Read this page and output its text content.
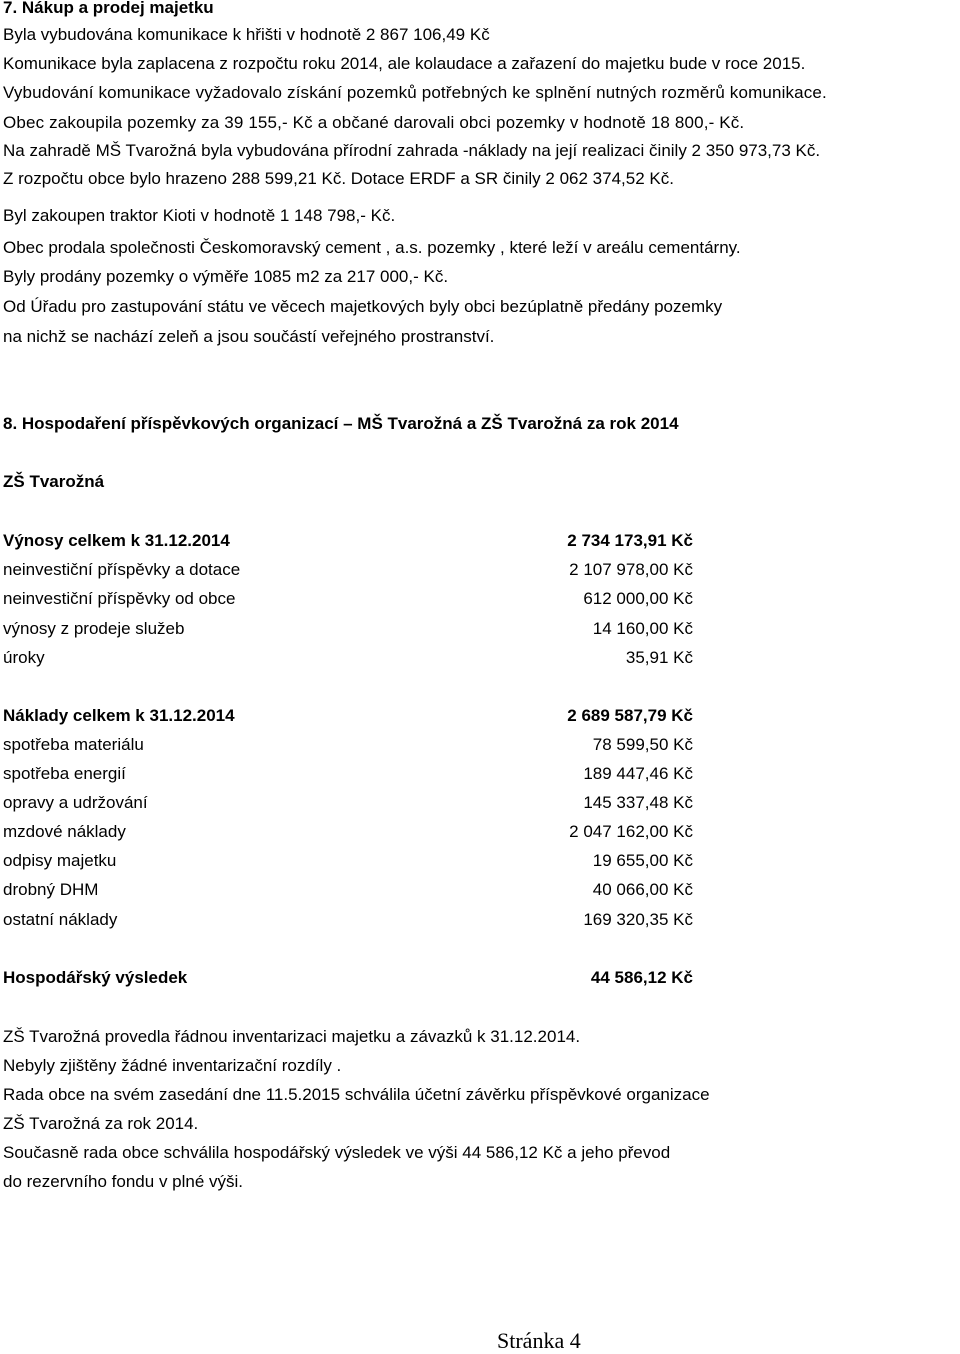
7. Nákup a prodej majetku
Byla vybudována komunikace k hřišti v hodnotě 2 867 106,49 Kč
Komunikace byla zaplacena z rozpočtu roku 2014, ale kolaudace a zařazení do majetku bude v roce 2015.
Vybudování komunikace vyžadovalo získání pozemků potřebných ke splnění nutných rozměrů komunikace.
Obec zakoupila pozemky za 39 155,- Kč a občané darovali obci pozemky v hodnotě 18 800,- Kč.
Na zahradě MŠ Tvarožná byla vybudována přírodní zahrada -náklady na její realizaci činily 2 350 973,73 Kč.
Z rozpočtu obce bylo hrazeno 288 599,21 Kč. Dotace ERDF a SR činily 2 062 374,52 Kč.
Byl zakoupen traktor Kioti v hodnotě 1 148 798,- Kč.
Obec prodala společnosti Českomoravský cement , a.s. pozemky , které leží v areálu cementárny.
Byly prodány pozemky o výměře 1085 m2 za 217 000,- Kč.
Od Úřadu pro zastupování státu ve věcech majetkových byly obci bezúplatně předány pozemky
na nichž se nachází zeleň a jsou součástí veřejného prostranství.
8. Hospodaření příspěvkových organizací – MŠ Tvarožná a ZŠ Tvarožná za rok 2014
ZŠ Tvarožná
Výnosy celkem k 31.12.2014	2 734 173,91 Kč
neinvestiční příspěvky a dotace	2 107 978,00 Kč
neinvestiční příspěvky od obce	612 000,00 Kč
výnosy z prodeje služeb	14 160,00 Kč
úroky	35,91 Kč
Náklady celkem k 31.12.2014	2 689 587,79 Kč
spotřeba materiálu	78 599,50 Kč
spotřeba energií	189 447,46 Kč
opravy a udržování	145 337,48 Kč
mzdové náklady	2 047 162,00 Kč
odpisy majetku	19 655,00 Kč
drobný DHM	40 066,00 Kč
ostatní náklady	169 320,35 Kč
Hospodářský výsledek	44 586,12 Kč
ZŠ Tvarožná provedla řádnou inventarizaci majetku a závazků k 31.12.2014.
Nebyly zjištěny žádné inventarizační rozdíly .
Rada obce na svém zasedání dne 11.5.2015 schválila účetní závěrku příspěvkové organizace
ZŠ Tvarožná za rok 2014.
Současně rada obce schválila hospodářský výsledek ve výši 44 586,12 Kč a jeho převod
do rezervního fondu v plné výši.
Stránka 4
